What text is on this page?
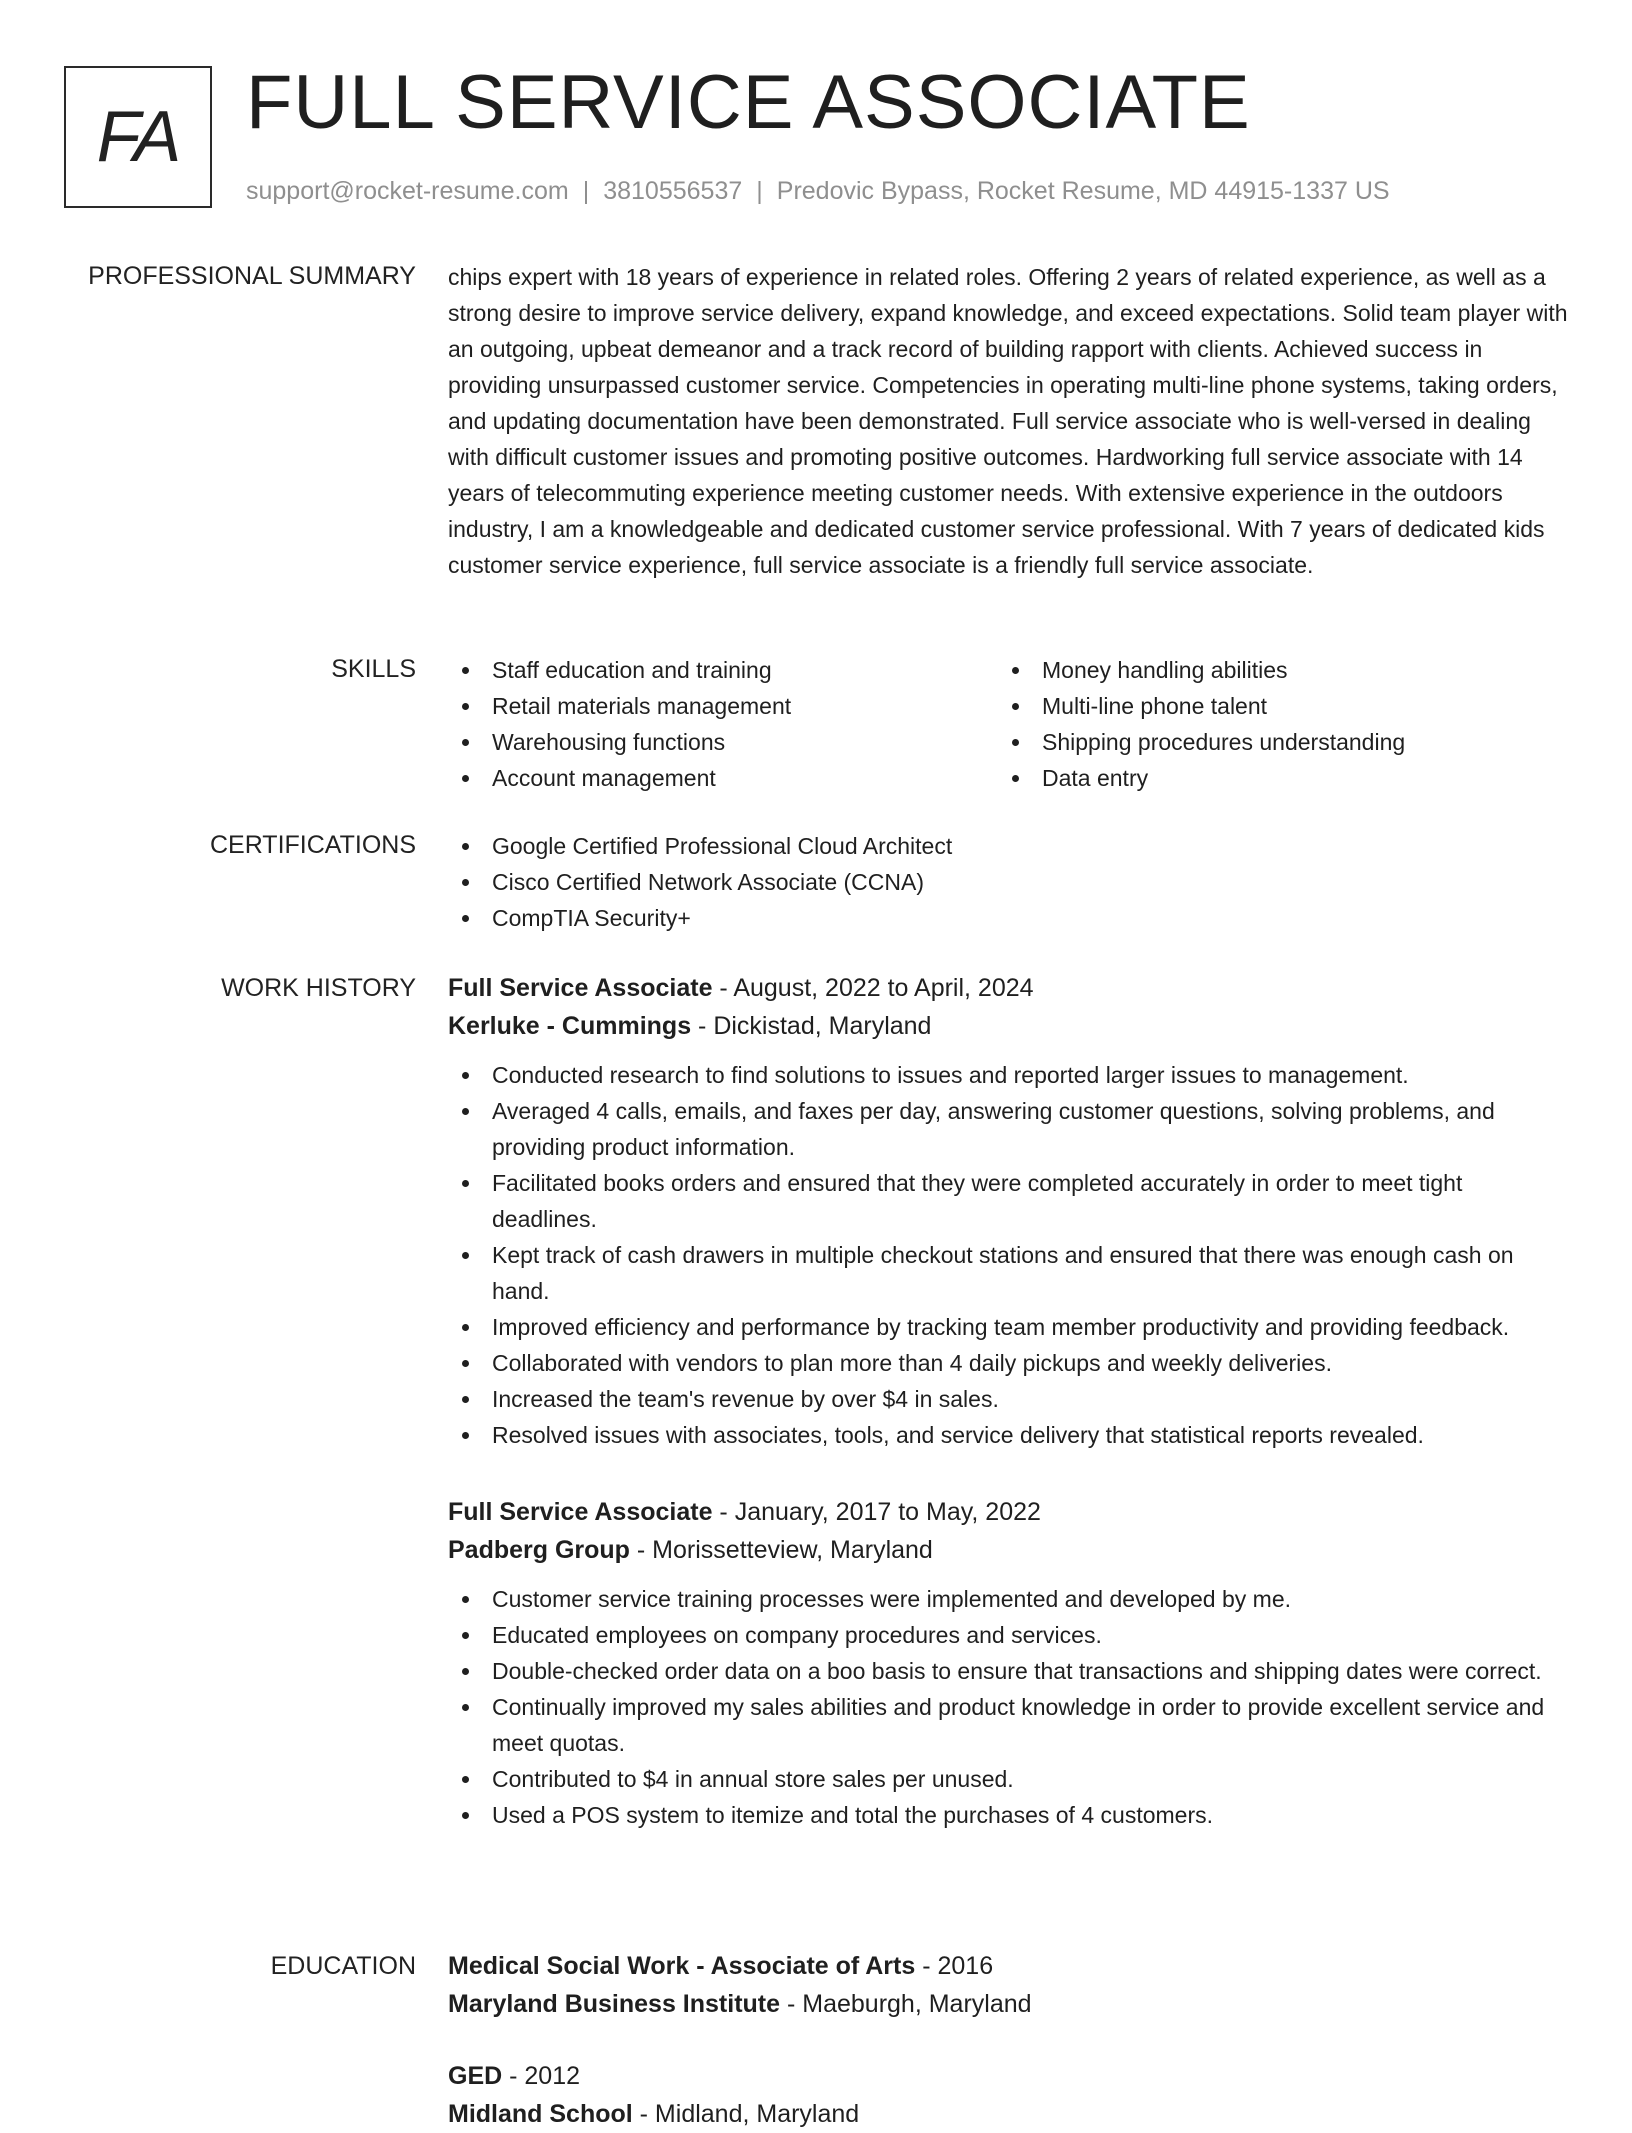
FA FULL SERVICE ASSOCIATE
support@rocket-resume.com | 3810556537 | Predovic Bypass, Rocket Resume, MD 44915-1337 US
PROFESSIONAL SUMMARY chips expert with 18 years of experience in related roles. Offering 2 years of related experience, as well as a strong desire to improve service delivery, expand knowledge, and exceed expectations. Solid team player with an outgoing, upbeat demeanor and a track record of building rapport with clients. Achieved success in providing unsurpassed customer service. Competencies in operating multi-line phone systems, taking orders, and updating documentation have been demonstrated. Full service associate who is well-versed in dealing with difficult customer issues and promoting positive outcomes. Hardworking full service associate with 14 years of telecommuting experience meeting customer needs. With extensive experience in the outdoors industry, I am a knowledgeable and dedicated customer service professional. With 7 years of dedicated kids customer service experience, full service associate is a friendly full service associate.

SKILLS	Staff education and training
Retail materials management
Warehousing functions
Account management
Money handling abilities
Multi-line phone talent
Shipping procedures understanding
Data entry
CERTIFICATIONS	Google Certified Professional Cloud Architect
Cisco Certified Network Associate (CCNA)
CompTIA Security+
WORK HISTORY Full Service Associate - August, 2022 to April, 2024
Kerluke - Cummings - Dickistad, Maryland
Conducted research to find solutions to issues and reported larger issues to management.
Averaged 4 calls, emails, and faxes per day, answering customer questions, solving problems, and providing product information.
Facilitated books orders and ensured that they were completed accurately in order to meet tight deadlines.
Kept track of cash drawers in multiple checkout stations and ensured that there was enough cash on hand.
Improved efficiency and performance by tracking team member productivity and providing feedback.
Collaborated with vendors to plan more than 4 daily pickups and weekly deliveries.
Increased the team's revenue by over $4 in sales.
Resolved issues with associates, tools, and service delivery that statistical reports revealed.
Full Service Associate - January, 2017 to May, 2022
Padberg Group - Morissetteview, Maryland
Customer service training processes were implemented and developed by me.
Educated employees on company procedures and services.
Double-checked order data on a boo basis to ensure that transactions and shipping dates were correct.
Continually improved my sales abilities and product knowledge in order to provide excellent service and meet quotas.
Contributed to $4 in annual store sales per unused.
Used a POS system to itemize and total the purchases of 4 customers.
EDUCATION Medical Social Work - Associate of Arts - 2016
Maryland Business Institute - Maeburgh, Maryland
GED - 2012
Midland School - Midland, Maryland
